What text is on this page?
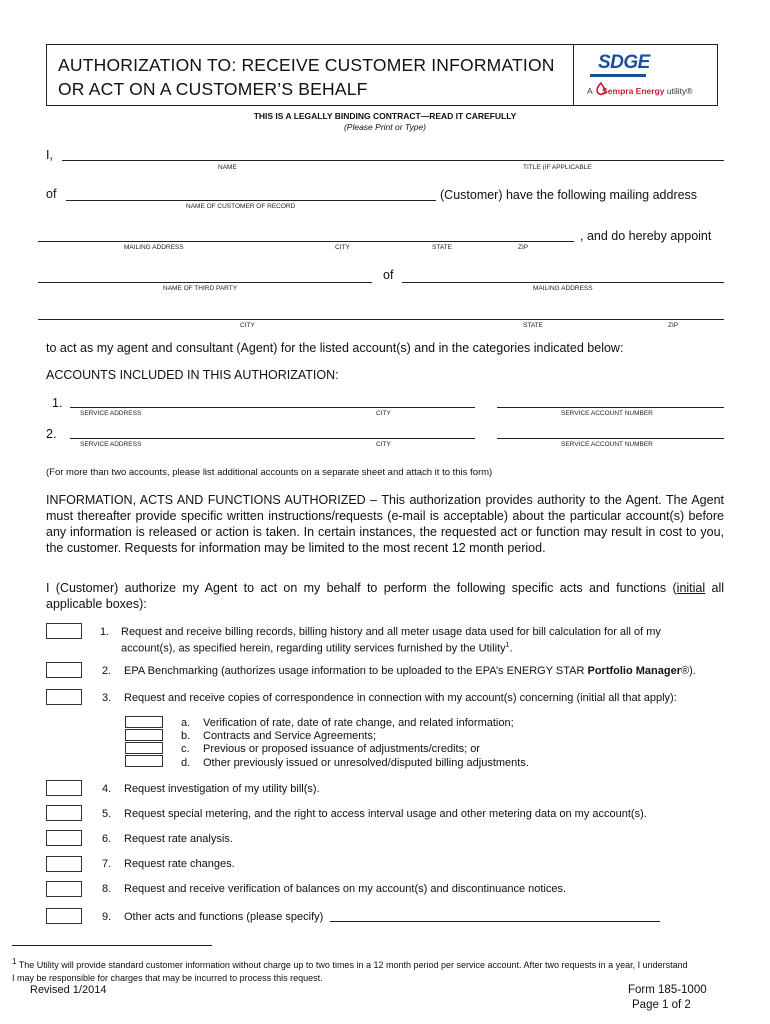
AUTHORIZATION TO: RECEIVE CUSTOMER INFORMATION
OR ACT ON A CUSTOMER’S BEHALF
SDGE
A Sempra Energy utility®
THIS IS A LEGALLY BINDING CONTRACT—READ IT CAREFULLY
(Please Print or Type)
I,
NAME	TITLE (IF APPLICABLE
of	(Customer) have the following mailing address
NAME OF CUSTOMER OF RECORD
, and do hereby appoint
MAILING ADDRESS	CITY	STATE	ZIP
of
NAME OF THIRD PARTY	MAILING ADDRESS
CITY	STATE	ZIP
to act as my agent and consultant (Agent) for the listed account(s) and in the categories indicated below:
ACCOUNTS INCLUDED IN THIS AUTHORIZATION:
1.
SERVICE ADDRESS	CITY	SERVICE ACCOUNT NUMBER
2.
SERVICE ADDRESS	CITY	SERVICE ACCOUNT NUMBER
(For more than two accounts, please list additional accounts on a separate sheet and attach it to this form)
INFORMATION, ACTS AND FUNCTIONS AUTHORIZED – This authorization provides authority to the Agent. The Agent must thereafter provide specific written instructions/requests (e-mail is acceptable) about the particular account(s) before any information is released or action is taken. In certain instances, the requested act or function may result in cost to you, the customer. Requests for information may be limited to the most recent 12 month period.
I (Customer) authorize my Agent to act on my behalf to perform the following specific acts and functions (initial all applicable boxes):
1. Request and receive billing records, billing history and all meter usage data used for bill calculation for all of my
account(s), as specified herein, regarding utility services furnished by the Utility$^1$.
2. EPA Benchmarking (authorizes usage information to be uploaded to the EPA’s ENERGY STAR Portfolio Manager®).
3. Request and receive copies of correspondence in connection with my account(s) concerning (initial all that apply):
a. Verification of rate, date of rate change, and related information;
b. Contracts and Service Agreements;
c. Previous or proposed issuance of adjustments/credits; or
d. Other previously issued or unresolved/disputed billing adjustments.
4. Request investigation of my utility bill(s).
5. Request special metering, and the right to access interval usage and other metering data on my account(s).
6. Request rate analysis.
7. Request rate changes.
8. Request and receive verification of balances on my account(s) and discontinuance notices.
9. Other acts and functions (please specify)
$^1$ The Utility will provide standard customer information without charge up to two times in a 12 month period per service account. After two requests in a year, I understand
I may be responsible for charges that may be incurred to process this request.
Revised 1/2014	Form 185-1000
Page 1 of 2
